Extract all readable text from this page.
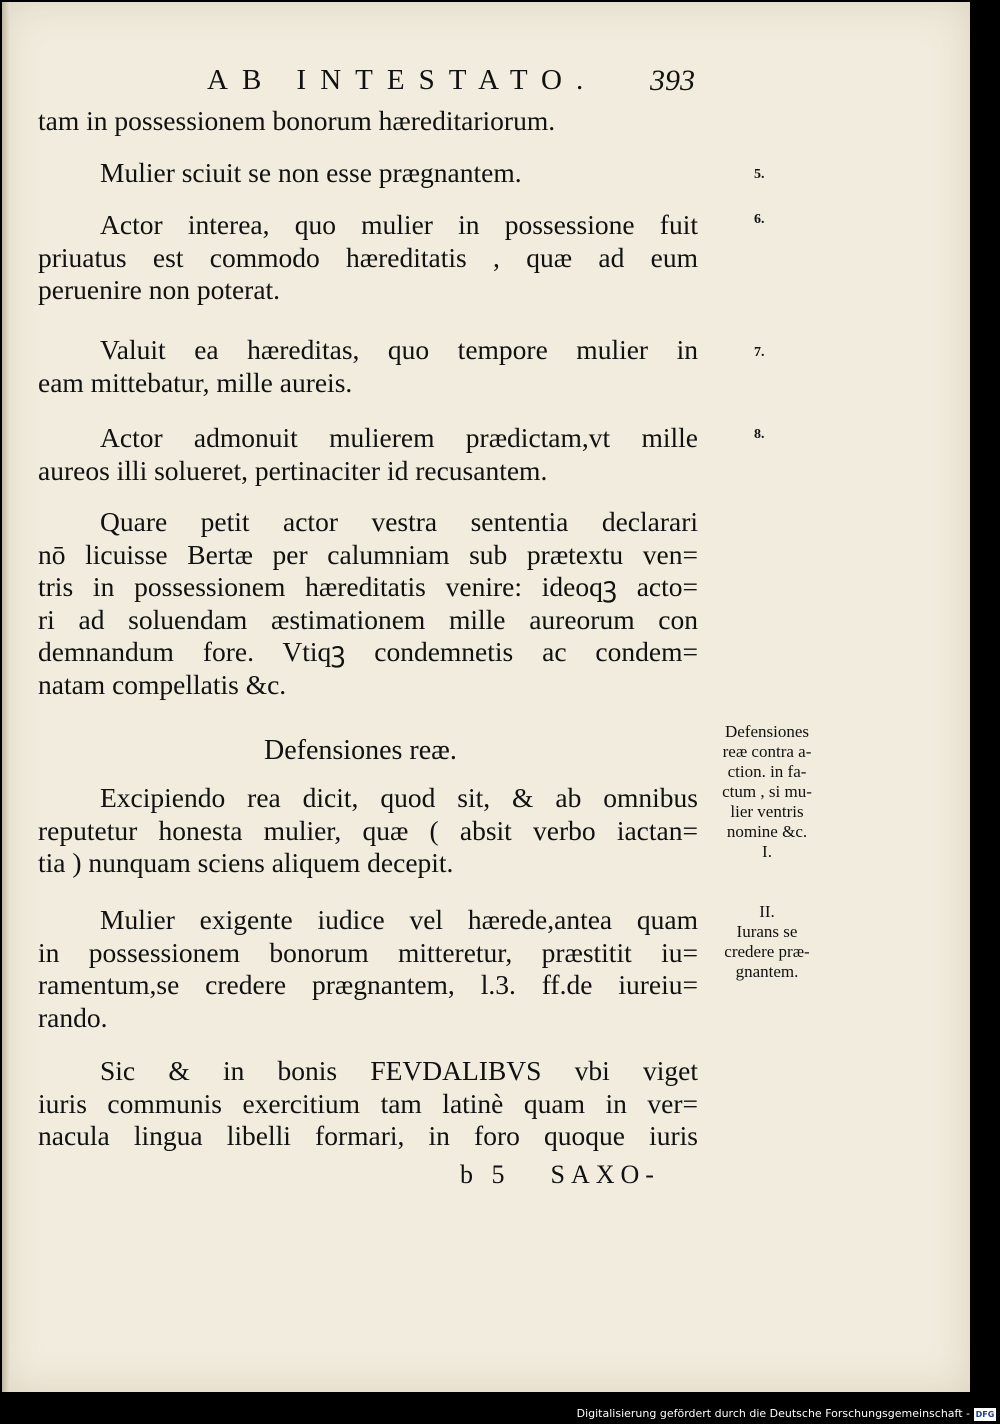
AB INTESTATO. 393

tam in possessionem bonorum hæreditariorum.

Mulier sciuit se non esse prægnantem.	5.

Actor interea, quo mulier in possessione fuit
priuatus est commodo hæreditatis , quæ ad eum
peruenire non poterat.

6.

Valuit ea hæreditas, quo tempore mulier in
eam mittebatur, mille aureis.

7.

Actor admonuit mulierem prædictam,vt mille
aureos illi solueret, pertinaciter id recusantem.

8.

Quare petit actor vestra sententia declarari
nō licuisse Bertæ per calumniam sub prætextu ven=
tris in possessionem hæreditatis venire: ideoqꝫ acto=
ri ad soluendam æstimationem mille aureorum con
demnandum fore. Vtiqꝫ condemnetis ac condem=
natam compellatis &c.

Defensiones reæ.
Defensiones
reæ contra a-
ction. in fa-
ctum , si mu-
lier ventris
nomine &c.
I.

Excipiendo rea dicit, quod sit, & ab omnibus
reputetur honesta mulier, quæ ( absit verbo iactan=
tia ) nunquam sciens aliquem decepit.

II.
Iurans se
credere præ-
gnantem.

Mulier exigente iudice vel hærede,antea quam
in possessionem bonorum mitteretur, præstitit iu=
ramentum,se credere prægnantem, l.3. ff.de iureiu=
rando.

Sic & in bonis FEVDALIBVS vbi viget
iuris communis exercitium tam latinè quam in ver=
nacula lingua libelli formari, in foro quoque iuris

b 5 SAXO-
Digitalisierung gefördert durch die Deutsche Forschungsgemeinschaft - DFG
